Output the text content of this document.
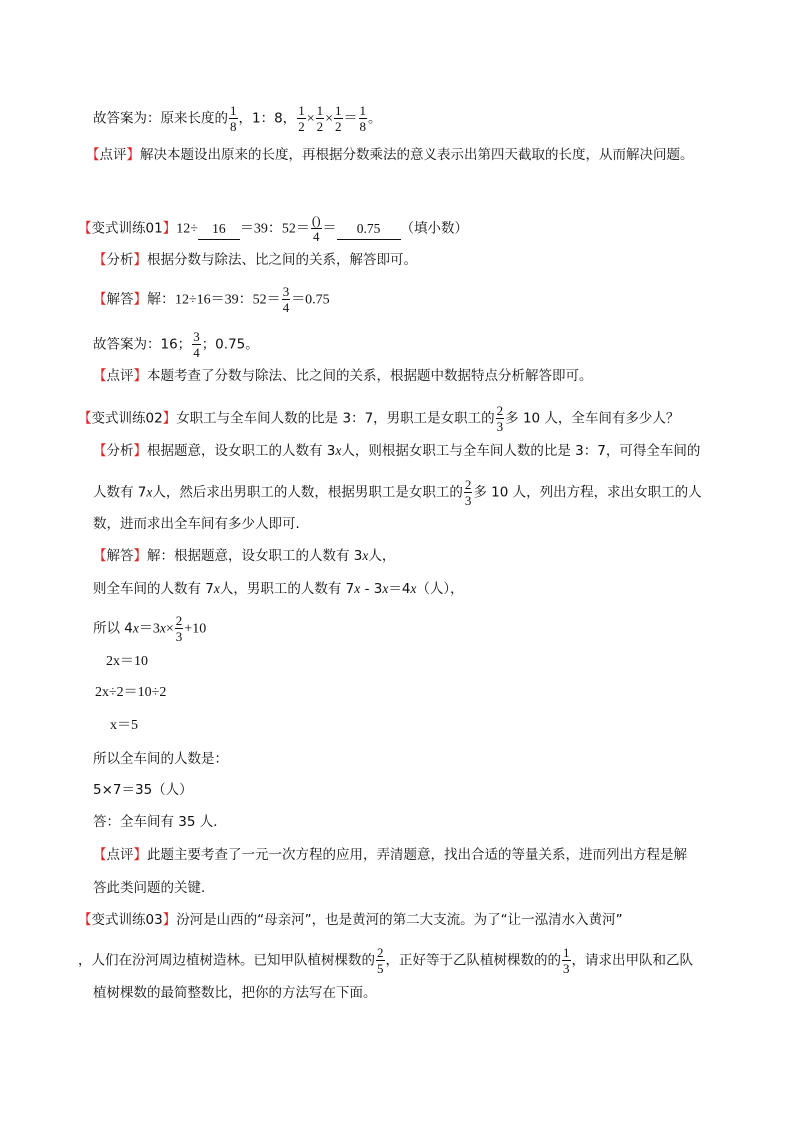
故答案为：原来长度的 $\frac{1}{8}$ ，1：8， $\frac{1}{2} \times \frac{1}{2} \times \frac{1}{2} = \frac{1}{8}$ 。
【点评】解决本题设出原来的长度，再根据分数乘法的意义表示出第四天截取的长度，从而解决问题。
【变式训练01】12÷ 16 ＝39：$52= \frac{()}{4} = 0.75$ （填小数）
【分析】根据分数与除法、比之间的关系，解答即可。
【解答】解：12÷16＝39：$52= \frac{3}{4} =0.75$
故答案为：16； $\frac{3}{4}$ ；0.75。
【点评】本题考查了分数与除法、比之间的关系，根据题中数据特点分析解答即可。
【变式训练02】女职工与全车间人数的比是 3：7，男职工是女职工的 $\frac{2}{3}$ 多 10 人，全车间有多少人？
【分析】根据题意，设女职工的人数有 3x人，则根据女职工与全车间人数的比是 3：7，可得全车间的
人数有 7x人，然后求出男职工的人数，根据男职工是女职工的 $\frac{2}{3}$ 多 10 人，列出方程，求出女职工的人
数，进而求出全车间有多少人即可．
【解答】解：根据题意，设女职工的人数有 3x人，
则全车间的人数有 7x人，男职工的人数有 7x - 3x＝4x（人），
所以 $4x=3x\times \frac{2}{3} +10$
2x＝10
2x÷2＝10÷2
x＝5
所以全车间的人数是：
5×7＝35（人）
答：全车间有 35 人．
【点评】此题主要考查了一元一次方程的应用，弄清题意，找出合适的等量关系，进而列出方程是解
答此类问题的关键．
【变式训练03】汾河是山西的“母亲河”，也是黄河的第二大支流。为了“让一泓清水入黄河”
，人们在汾河周边植树造林。已知甲队植树棵数的 $\frac{2}{5}$ ，正好等于乙队植树棵数的的 $\frac{1}{3}$ ，请求出甲队和乙队
植树棵数的最简整数比，把你的方法写在下面。
